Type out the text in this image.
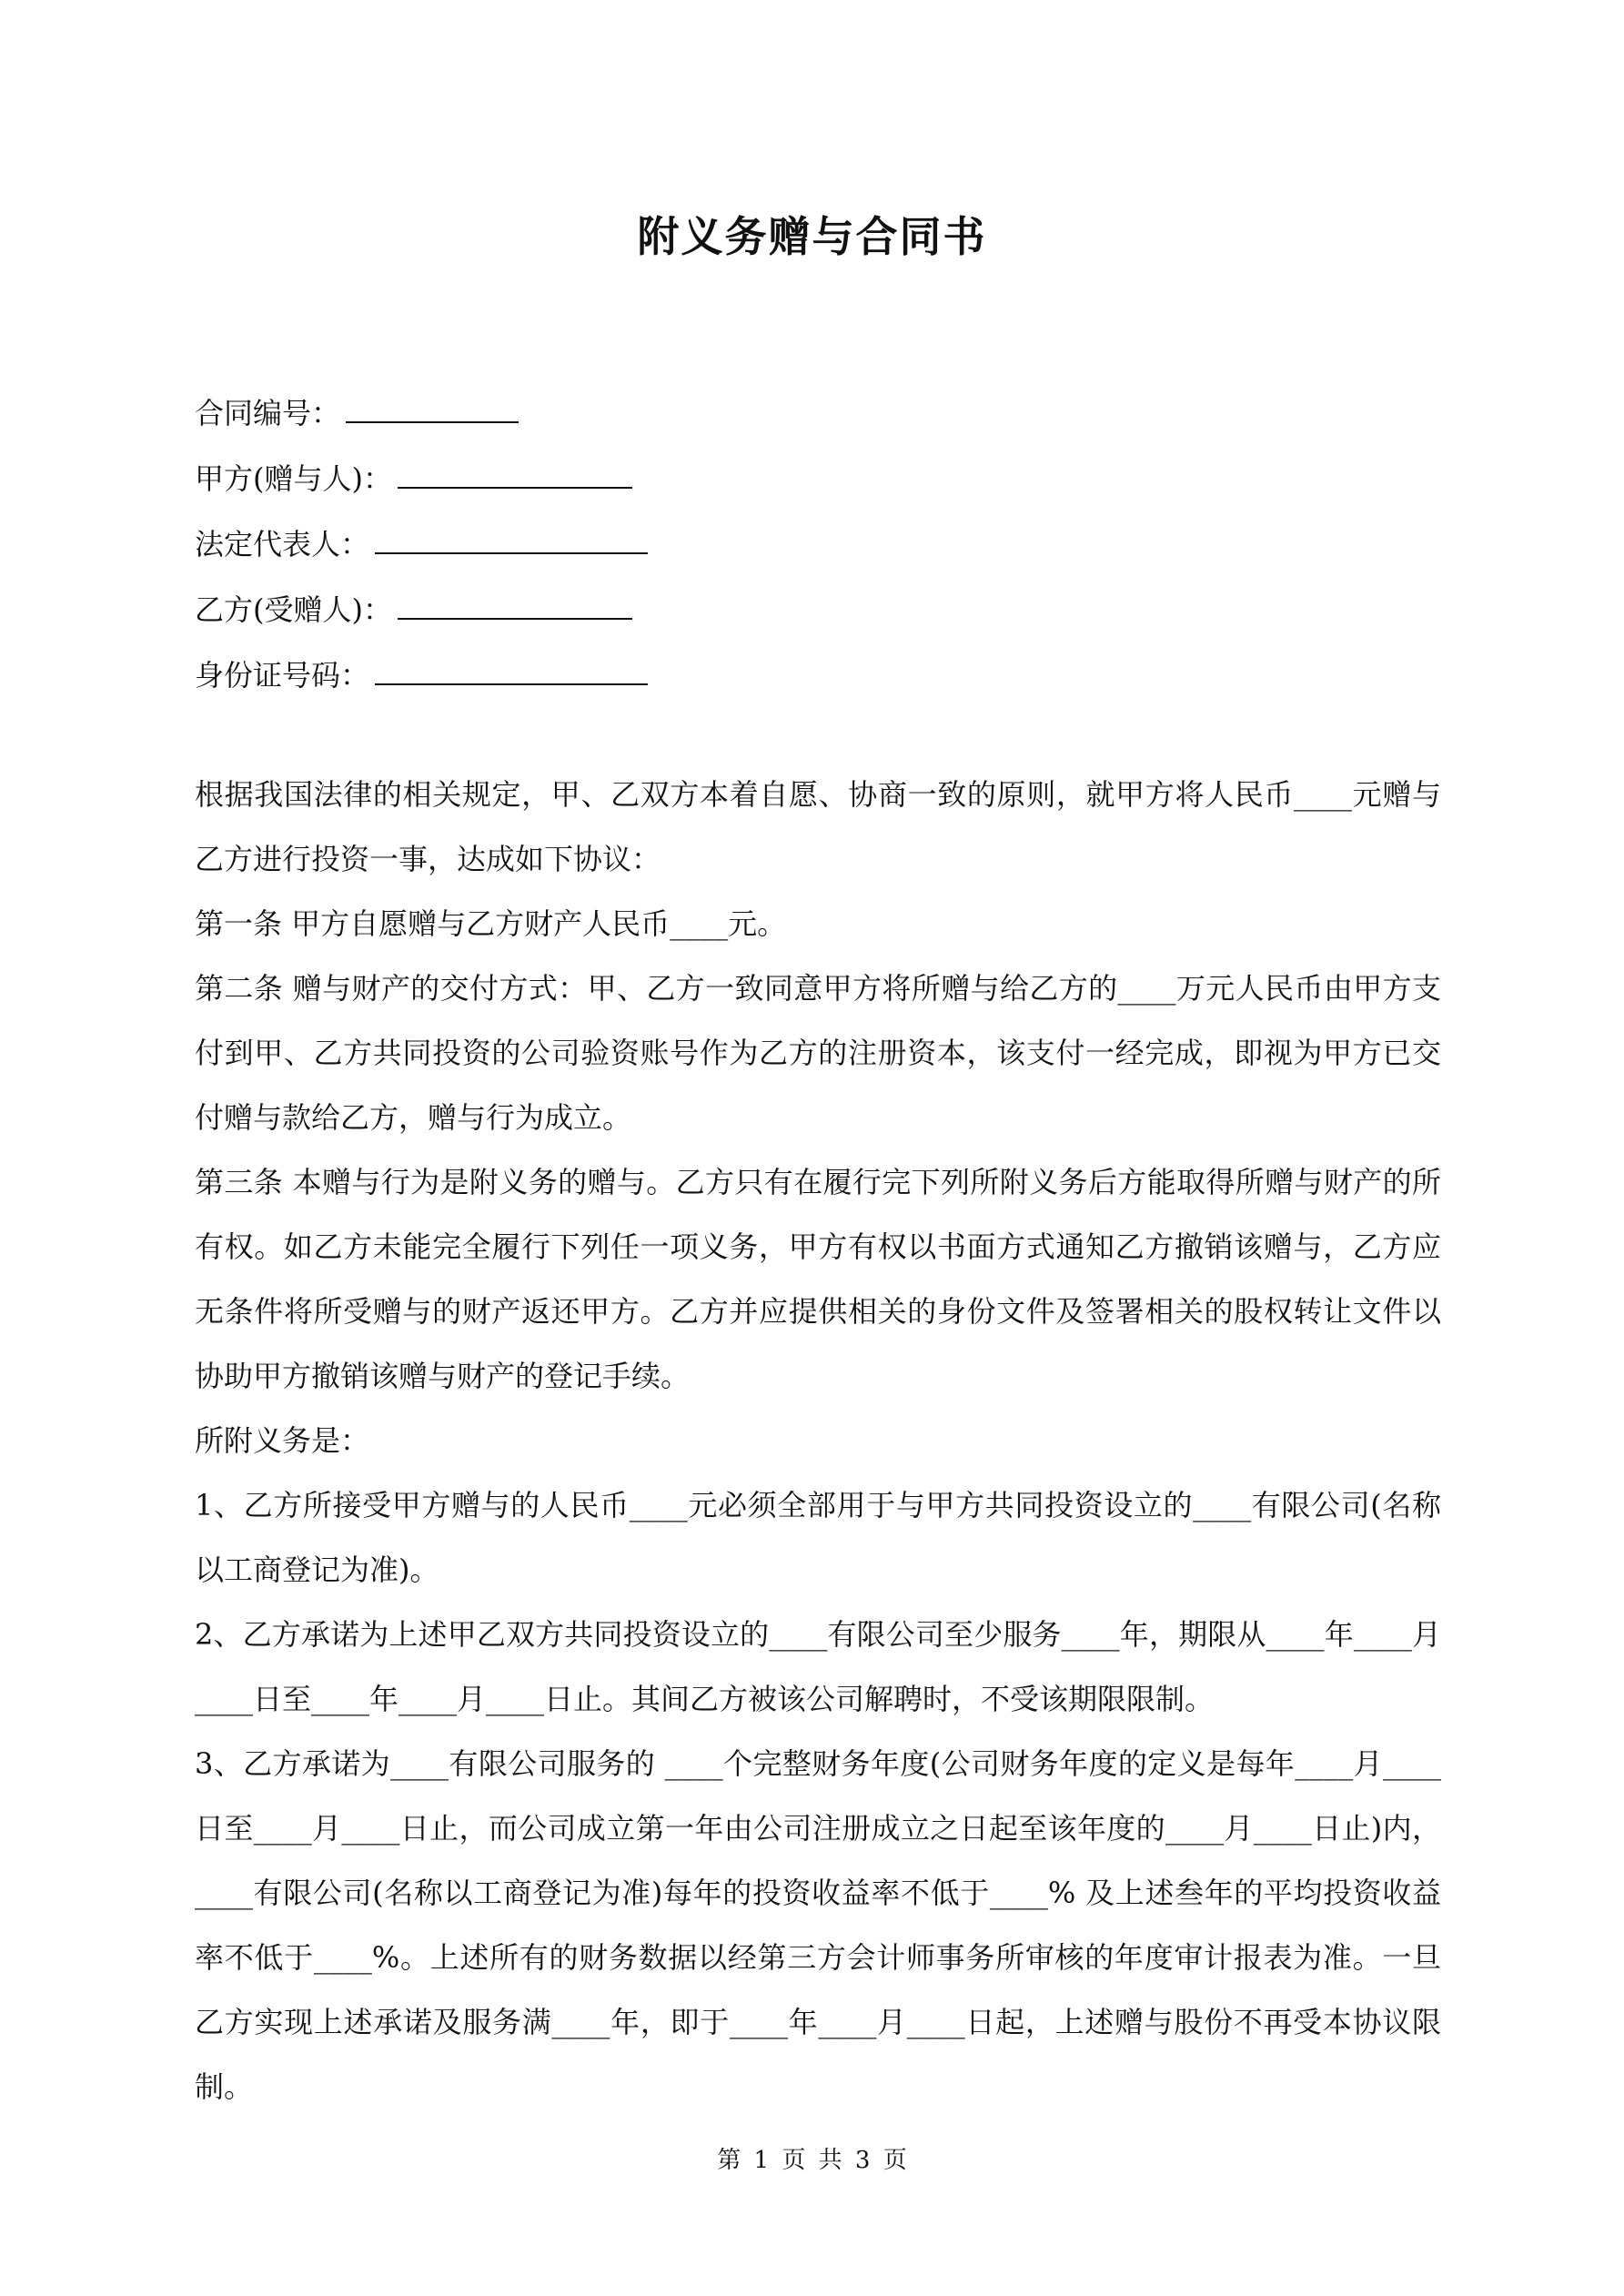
附义务赠与合同书
合同编号：
甲方(赠与人)：
法定代表人：
乙方(受赠人)：
身份证号码：

根据我国法律的相关规定，甲、乙双方本着自愿、协商一致的原则，就甲方将人民币____元赠与乙方进行投资一事，达成如下协议：

第一条 甲方自愿赠与乙方财产人民币____元。

第二条 赠与财产的交付方式：甲、乙方一致同意甲方将所赠与给乙方的____万元人民币由甲方支付到甲、乙方共同投资的公司验资账号作为乙方的注册资本，该支付一经完成，即视为甲方已交付赠与款给乙方，赠与行为成立。

第三条 本赠与行为是附义务的赠与。乙方只有在履行完下列所附义务后方能取得所赠与财产的所有权。如乙方未能完全履行下列任一项义务，甲方有权以书面方式通知乙方撤销该赠与，乙方应无条件将所受赠与的财产返还甲方。乙方并应提供相关的身份文件及签署相关的股权转让文件以协助甲方撤销该赠与财产的登记手续。

所附义务是：

1、乙方所接受甲方赠与的人民币____元必须全部用于与甲方共同投资设立的____有限公司(名称以工商登记为准)。

2、乙方承诺为上述甲乙双方共同投资设立的____有限公司至少服务____年，期限从____年____月____日至____年____月____日止。其间乙方被该公司解聘时，不受该期限限制。

3、乙方承诺为____有限公司服务的 ____个完整财务年度(公司财务年度的定义是每年____月____日至____月____日止，而公司成立第一年由公司注册成立之日起至该年度的____月____日止)内，____有限公司(名称以工商登记为准)每年的投资收益率不低于____% 及上述叁年的平均投资收益率不低于____%。上述所有的财务数据以经第三方会计师事务所审核的年度审计报表为准。一旦乙方实现上述承诺及服务满____年，即于____年____月____日起，上述赠与股份不再受本协议限制。

第 1 页 共 3 页
